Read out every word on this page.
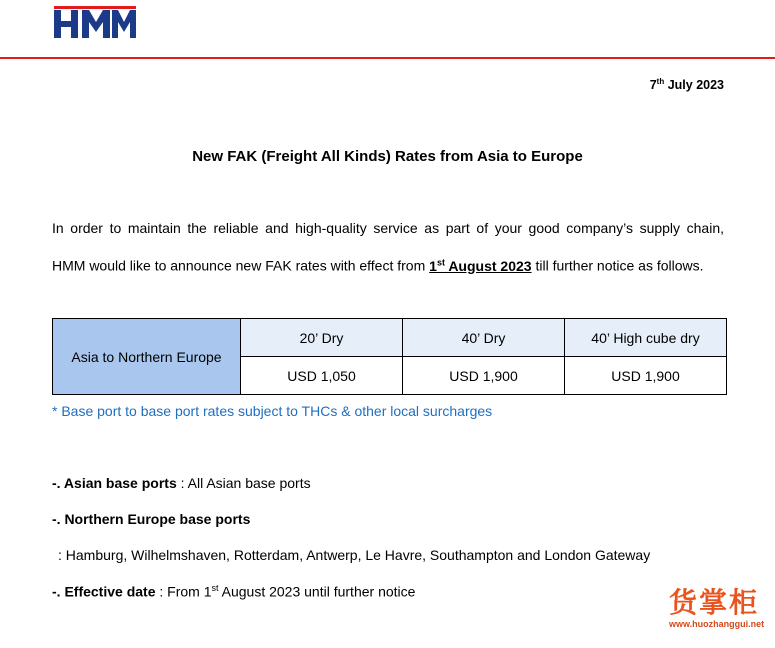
7th July 2023
New FAK (Freight All Kinds) Rates from Asia to Europe
In order to maintain the reliable and high-quality service as part of your good company’s supply chain,
HMM would like to announce new FAK rates with effect from 1st August 2023 till further notice as follows.
Asia to Northern Europe	20’ Dry	40’ Dry	40’ High cube dry
	USD 1,050	USD 1,900	USD 1,900
* Base port to base port rates subject to THCs & other local surcharges
-. Asian base ports : All Asian base ports
-. Northern Europe base ports
: Hamburg, Wilhelmshaven, Rotterdam, Antwerp, Le Havre, Southampton and London Gateway
-. Effective date : From 1st August 2023 until further notice	货掌柜
www.huozhanggui.net
